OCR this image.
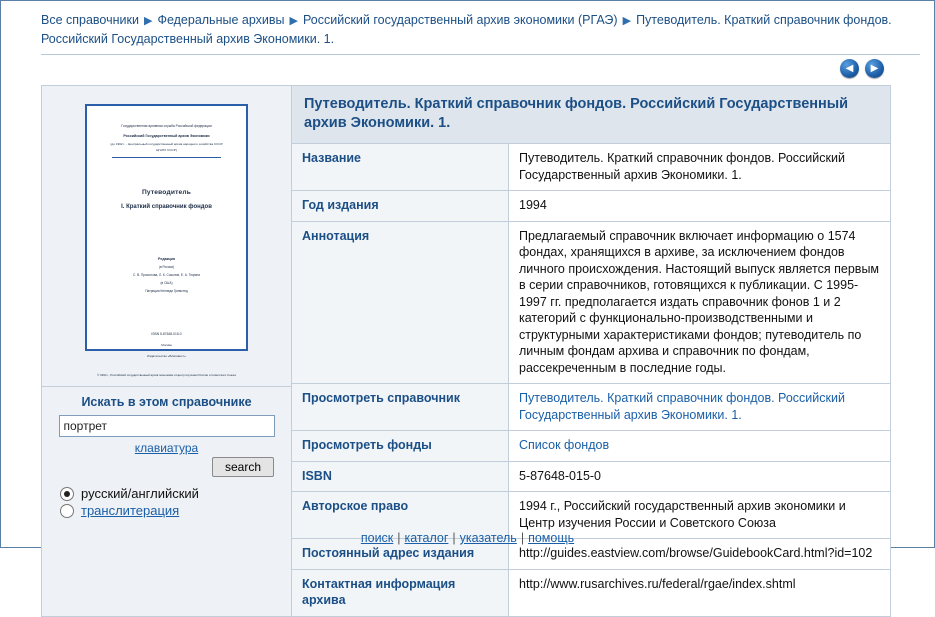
Все справочники ▶ Федеральные архивы ▶ Российский государственный архив экономики (РГАЭ) ▶ Путеводитель. Краткий справочник фондов. Российский Государственный архив Экономики. 1.
◀	▶
Государственная архивная служба Российской федерации
Российский Государственный архив Экономики
(до 1992 г. - Центральный государственный архив народного хозяйства СССР
ЦГАНХ СССР)
Путеводитель
I. Краткий справочник фондов
Редакция
(в России)
С. В. Прасолова, Л. К. Соколов, Е. А. Тюрина
(в США)
Патриция Кеннеди Гримстед
ISBN 5-87648-015-0
Москва
Издательство «Благовест»
© 1994 г., Российский государственный архив экономики и Центр изучения России и Советского Союза
Искать в этом справочнике
портрет
клавиатура
search
русский/английский
транслитерация
Путеводитель. Краткий справочник фондов. Российский Государственный архив Экономики. 1.
Название	Путеводитель. Краткий справочник фондов. Российский Государственный архив Экономики. 1.
Год издания	1994
Аннотация	Предлагаемый справочник включает информацию о 1574 фондах, хранящихся в архиве, за исключением фондов личного происхождения. Настоящий выпуск является первым в серии справочников, готовящихся к публикации. С 1995-1997 гг. предполагается издать справочник фонов 1 и 2 категорий с функционально-производственными и структурными характеристиками фондов; путеводитель по личным фондам архива и справочник по фондам, рассекреченным в последние годы.
Просмотреть справочник	Путеводитель. Краткий справочник фондов. Российский Государственный архив Экономики. 1.
Просмотреть фонды	Список фондов
ISBN	5-87648-015-0
Авторское право	1994 г., Российский государственный архив экономики и Центр изучения России и Советского Союза
Постоянный адрес издания	http://guides.eastview.com/browse/GuidebookCard.html?id=102
Контактная информация архива	http://www.rusarchives.ru/federal/rgae/index.shtml
поиск | каталог | указатель | помощь
